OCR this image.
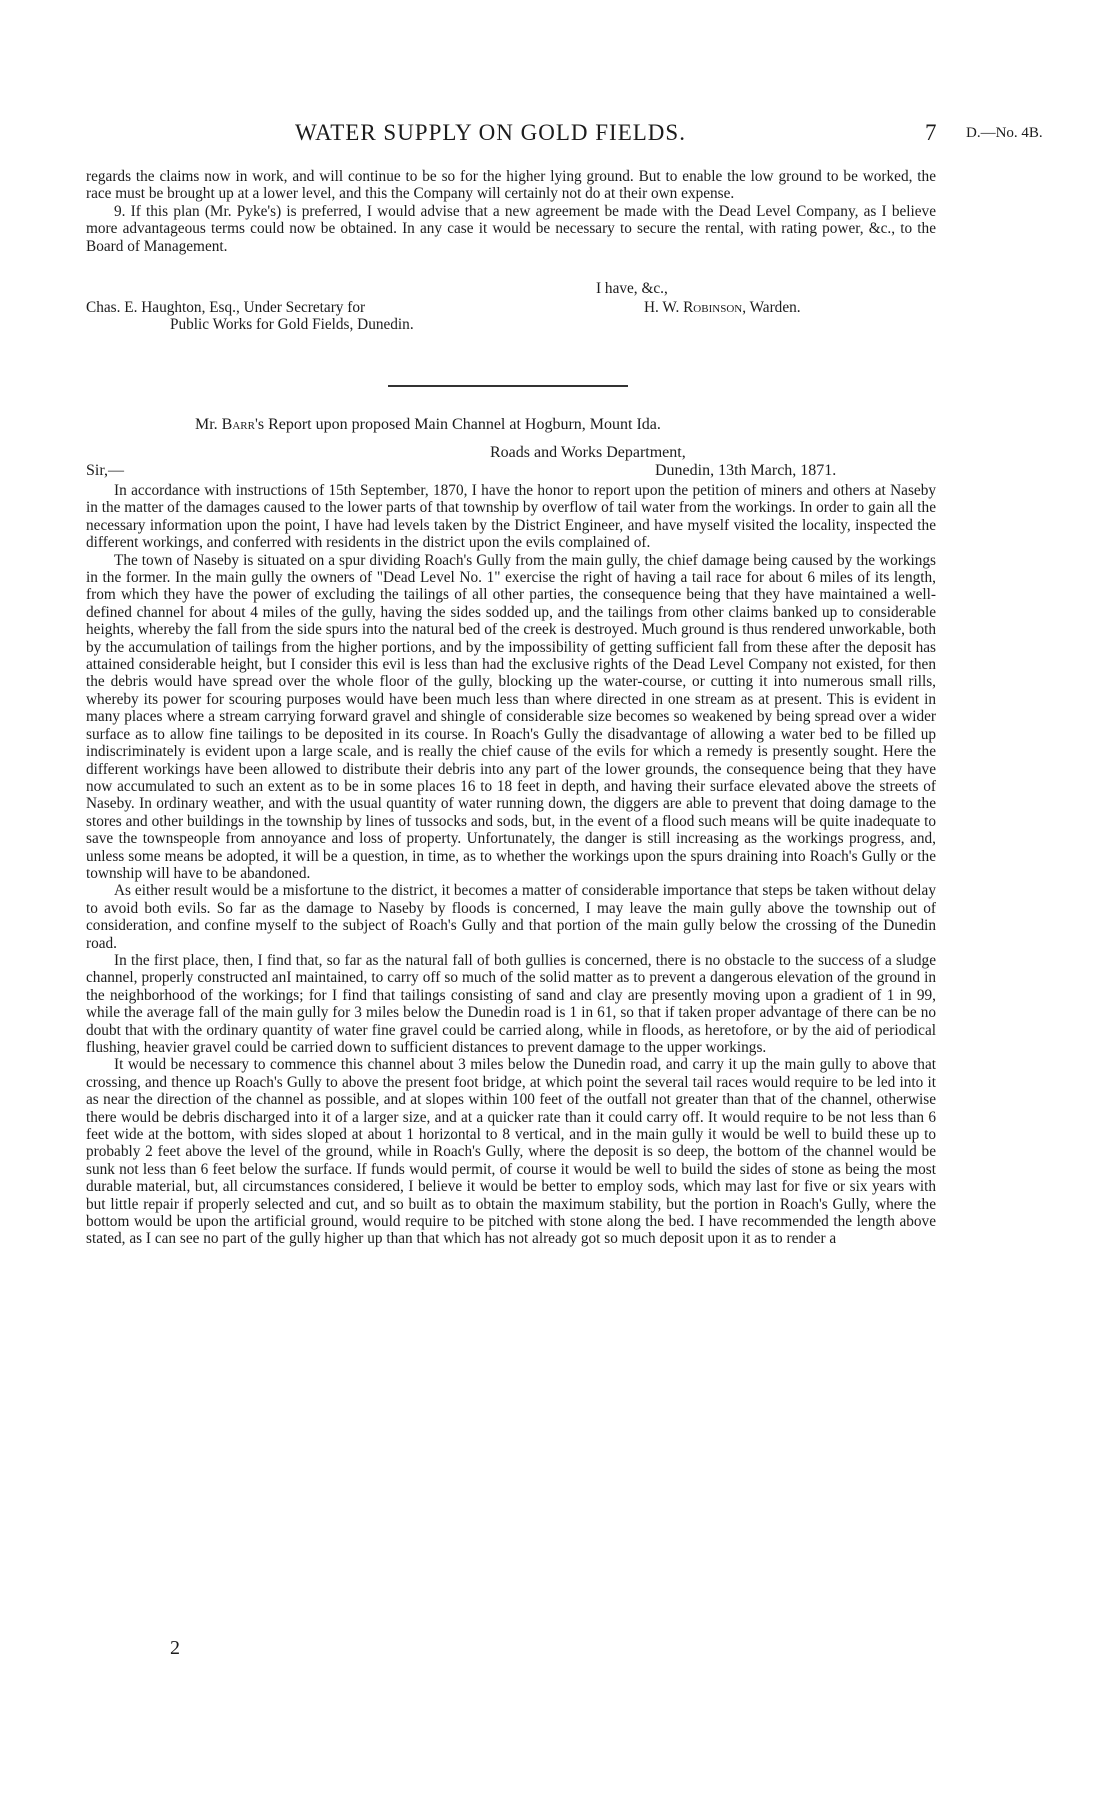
WATER SUPPLY ON GOLD FIELDS.	7 D.—No. 4B.

regards the claims now in work, and will continue to be so for the higher lying ground. But to enable the low ground to be worked, the race must be brought up at a lower level, and this the Company will certainly not do at their own expense.

9. If this plan (Mr. Pyke's) is preferred, I would advise that a new agreement be made with the Dead Level Company, as I believe more advantageous terms could now be obtained. In any case it would be necessary to secure the rental, with rating power, &c., to the Board of Management.

I have, &c.,
Chas. E. Haughton, Esq., Under Secretary for
Public Works for Gold Fields, Dunedin.
H. W. Robinson, Warden.
Mr. Barr's Report upon proposed Main Channel at Hogburn, Mount Ida.
Roads and Works Department,
Sir,—	Dunedin, 13th March, 1871.

In accordance with instructions of 15th September, 1870, I have the honor to report upon the petition of miners and others at Naseby in the matter of the damages caused to the lower parts of that township by overflow of tail water from the workings. In order to gain all the necessary information upon the point, I have had levels taken by the District Engineer, and have myself visited the locality, inspected the different workings, and conferred with residents in the district upon the evils complained of.

The town of Naseby is situated on a spur dividing Roach's Gully from the main gully, the chief damage being caused by the workings in the former. In the main gully the owners of "Dead Level No. 1" exercise the right of having a tail race for about 6 miles of its length, from which they have the power of excluding the tailings of all other parties, the consequence being that they have maintained a well-defined channel for about 4 miles of the gully, having the sides sodded up, and the tailings from other claims banked up to considerable heights, whereby the fall from the side spurs into the natural bed of the creek is destroyed. Much ground is thus rendered unworkable, both by the accumulation of tailings from the higher portions, and by the impossibility of getting sufficient fall from these after the deposit has attained considerable height, but I consider this evil is less than had the exclusive rights of the Dead Level Company not existed, for then the debris would have spread over the whole floor of the gully, blocking up the water-course, or cutting it into numerous small rills, whereby its power for scouring purposes would have been much less than where directed in one stream as at present. This is evident in many places where a stream carrying forward gravel and shingle of considerable size becomes so weakened by being spread over a wider surface as to allow fine tailings to be deposited in its course. In Roach's Gully the disadvantage of allowing a water bed to be filled up indiscriminately is evident upon a large scale, and is really the chief cause of the evils for which a remedy is presently sought. Here the different workings have been allowed to distribute their debris into any part of the lower grounds, the consequence being that they have now accumulated to such an extent as to be in some places 16 to 18 feet in depth, and having their surface elevated above the streets of Naseby. In ordinary weather, and with the usual quantity of water running down, the diggers are able to prevent that doing damage to the stores and other buildings in the township by lines of tussocks and sods, but, in the event of a flood such means will be quite inadequate to save the townspeople from annoyance and loss of property. Unfortunately, the danger is still increasing as the workings progress, and, unless some means be adopted, it will be a question, in time, as to whether the workings upon the spurs draining into Roach's Gully or the township will have to be abandoned.

As either result would be a misfortune to the district, it becomes a matter of considerable importance that steps be taken without delay to avoid both evils. So far as the damage to Naseby by floods is concerned, I may leave the main gully above the township out of consideration, and confine myself to the subject of Roach's Gully and that portion of the main gully below the crossing of the Dunedin road.

In the first place, then, I find that, so far as the natural fall of both gullies is concerned, there is no obstacle to the success of a sludge channel, properly constructed anI maintained, to carry off so much of the solid matter as to prevent a dangerous elevation of the ground in the neighborhood of the workings; for I find that tailings consisting of sand and clay are presently moving upon a gradient of 1 in 99, while the average fall of the main gully for 3 miles below the Dunedin road is 1 in 61, so that if taken proper advantage of there can be no doubt that with the ordinary quantity of water fine gravel could be carried along, while in floods, as heretofore, or by the aid of periodical flushing, heavier gravel could be carried down to sufficient distances to prevent damage to the upper workings.

It would be necessary to commence this channel about 3 miles below the Dunedin road, and carry it up the main gully to above that crossing, and thence up Roach's Gully to above the present foot bridge, at which point the several tail races would require to be led into it as near the direction of the channel as possible, and at slopes within 100 feet of the outfall not greater than that of the channel, otherwise there would be debris discharged into it of a larger size, and at a quicker rate than it could carry off. It would require to be not less than 6 feet wide at the bottom, with sides sloped at about 1 horizontal to 8 vertical, and in the main gully it would be well to build these up to probably 2 feet above the level of the ground, while in Roach's Gully, where the deposit is so deep, the bottom of the channel would be sunk not less than 6 feet below the surface. If funds would permit, of course it would be well to build the sides of stone as being the most durable material, but, all circumstances considered, I believe it would be better to employ sods, which may last for five or six years with but little repair if properly selected and cut, and so built as to obtain the maximum stability, but the portion in Roach's Gully, where the bottom would be upon the artificial ground, would require to be pitched with stone along the bed. I have recommended the length above stated, as I can see no part of the gully higher up than that which has not already got so much deposit upon it as to render a

2
